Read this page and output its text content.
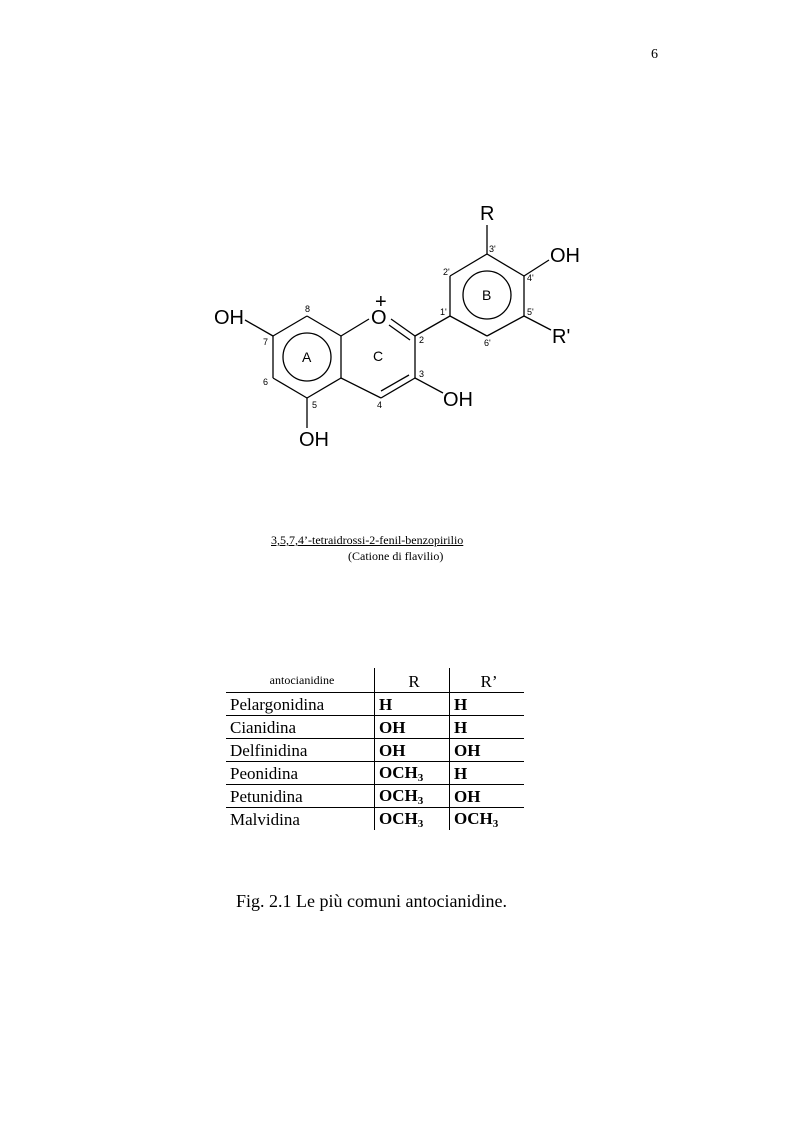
6
R
OH
R'
OH	O
+
OH
OH
A
B
C
8
7
6
5	4
3
2
1'
2'
3'
4'
5'
6'
3,5,7,4’-tetraidrossi-2-fenil-benzopirilio
(Catione di flavilio)
antocianidine	R	R’
Pelargonidina	H	H
Cianidina	OH	H
Delfinidina	OH	OH
Peonidina	$OCH_3$	H
Petunidina	$OCH_3$	OH
Malvidina	$OCH_3$	$OCH_3$
Fig. 2.1 Le più comuni antocianidine.
